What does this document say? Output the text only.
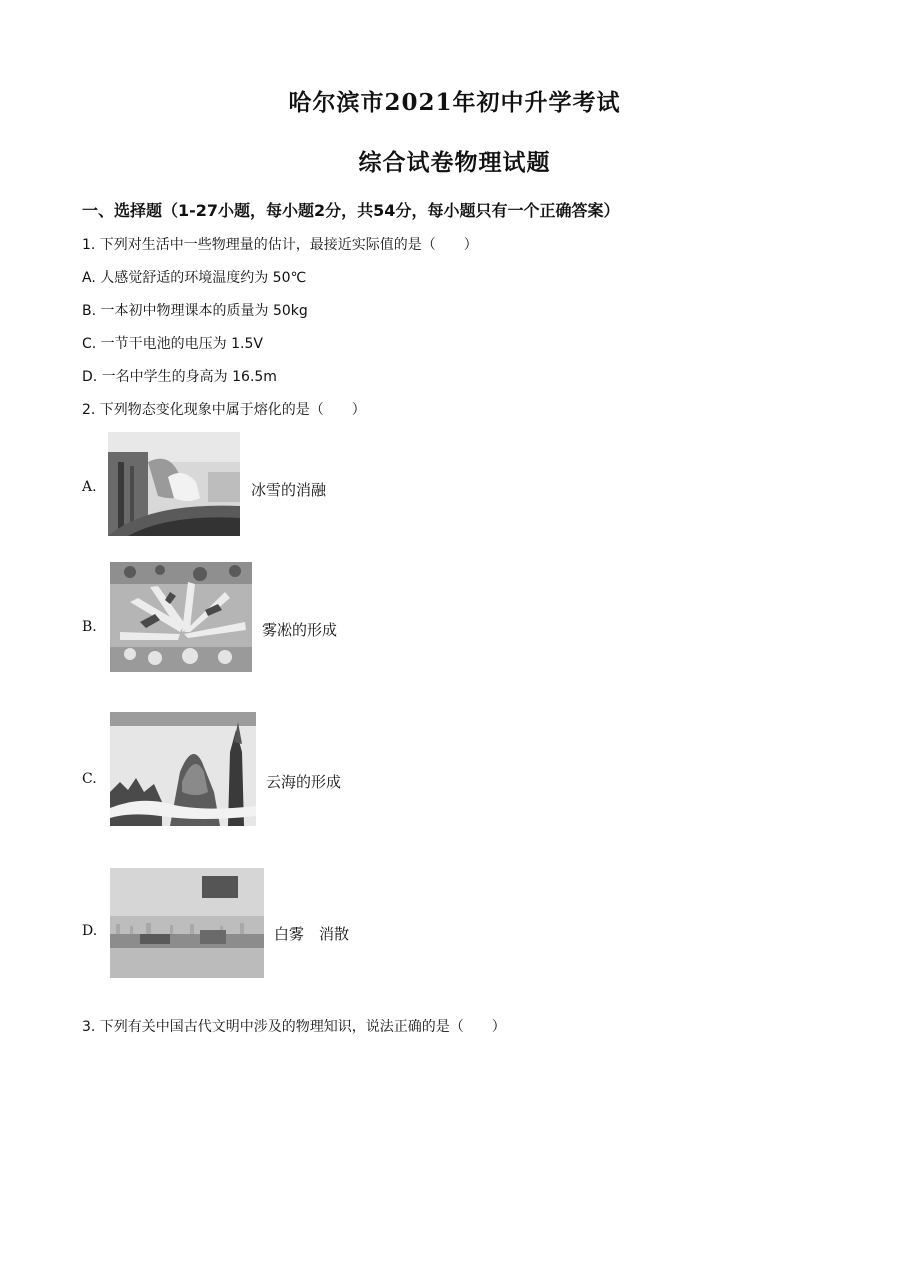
哈尔滨市2021年初中升学考试
综合试卷物理试题
一、选择题（1-27小题，每小题2分，共54分，每小题只有一个正确答案）
1. 下列对生活中一些物理量的估计，最接近实际值的是（　　）
A. 人感觉舒适的环境温度约为 50℃
B. 一本初中物理课本的质量为 50kg
C. 一节干电池的电压为 1.5V
D. 一名中学生的身高为 16.5m
2. 下列物态变化现象中属于熔化的是（　　）
A.	冰雪的消融
B.	雾凇的形成
C.	云海的形成
D.	白雾　消散
3. 下列有关中国古代文明中涉及的物理知识，说法正确的是（　　）
